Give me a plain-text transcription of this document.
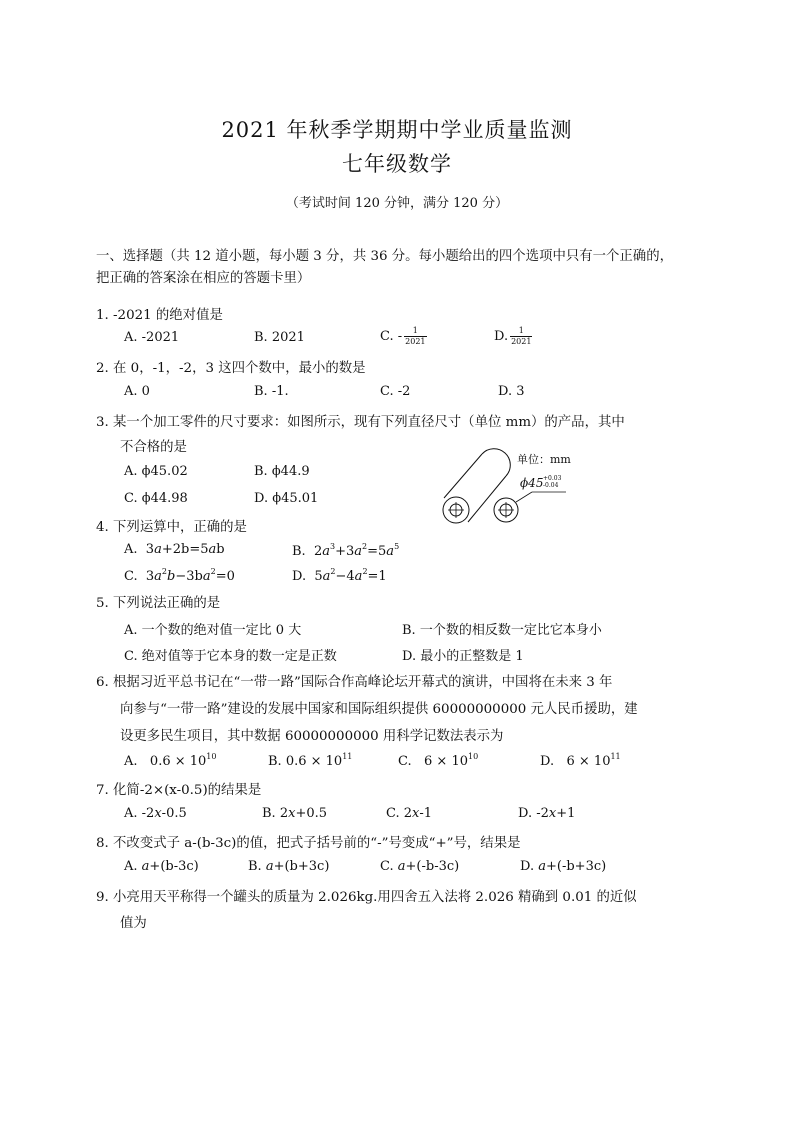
2021 年秋季学期期中学业质量监测
七年级数学
（考试时间 120 分钟，满分 120 分）
一、选择题（共 12 道小题，每小题 3 分，共 36 分。每小题给出的四个选项中只有一个正确的，
把正确的答案涂在相应的答题卡里）
1. -2021 的绝对值是
A. -2021	B. 2021	C. - $\frac{1}{2021}$	D. $\frac{1}{2021}$
2. 在 0，-1，-2，3 这四个数中，最小的数是
A. 0	B. -1.	C. -2	D. 3
3. 某一个加工零件的尺寸要求：如图所示，现有下列直径尺寸（单位 mm）的产品，其中
不合格的是
A. ϕ45.02	B. ϕ44.9
C. ϕ44.98	D. ϕ45.01
单位：mm
ϕ45 +0.03
-0.04
4. 下列运算中，正确的是
A.  3a+2b=5ab	B.  $2a^3+3a^2=5a^5$
C.  $3a^2b-3ba^2=0$	D.  $5a^2-4a^2=1$
5. 下列说法正确的是
A. 一个数的绝对值一定比 0 大	B. 一个数的相反数一定比它本身小
C. 绝对值等于它本身的数一定是正数	D. 最小的正整数是 1
6. 根据习近平总书记在“一带一路”国际合作高峰论坛开幕式的演讲，中国将在未来 3 年
向参与“一带一路”建设的发展中国家和国际组织提供 60000000000 元人民币援助，建
设更多民生项目，其中数据 60000000000 用科学记数法表示为
A.   $0.6 \times 10^{10}$	B. $0.6 \times 10^{11}$	C.   $6 \times 10^{10}$	D.   $6 \times 10^{11}$
7. 化简-2×(x-0.5)的结果是
A. -2x-0.5	B. 2x+0.5	C. 2x-1	D. -2x+1
8. 不改变式子 a-(b-3c)的值，把式子括号前的“-”号变成“+”号，结果是
A. a+(b-3c)	B. a+(b+3c)	C. a+(-b-3c)	D. a+(-b+3c)
9. 小亮用天平称得一个罐头的质量为 2.026kg.用四舍五入法将 2.026 精确到 0.01 的近似
值为
